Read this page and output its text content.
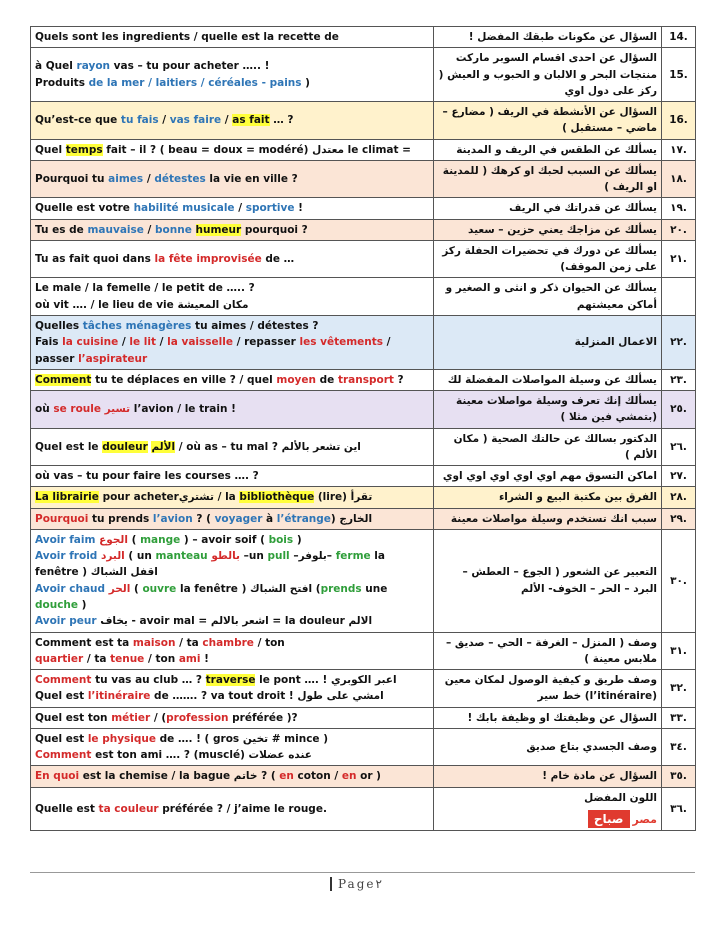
Quels sont les ingredients / quelle est la recette de	السؤال عن مكونات طبقك المفضل !	14.
à Quel rayon vas – tu pour acheter ….. !
Produits de la mer / laitiers / céréales - pains )	السؤال عن احدى اقسام السوبر ماركت منتجات البحر و الالبان و الحبوب و العيش ( ركز على دول اوي	15.
Qu’est-ce que tu fais / vas faire / as fait … ?	السؤال عن الأنشطة في الريف ( مضارع – ماضي – مستقبل )	16.
Quel temps fait – il ? ( beau = doux = modéré) معتدل le climat =	يسألك عن الطقس في الريف و المدينة	١٧.
Pourquoi tu aimes / détestes la vie en ville ?	يسألك عن السبب لحبك او كرهك ( للمدينة او الريف )	١٨.
Quelle est votre habilité musicale / sportive !	يسألك عن قدراتك في الريف	١٩.
Tu es de mauvaise / bonne humeur pourquoi ?	يسألك عن مزاجك يعني حزين – سعيد	٢٠.
Tu as fait quoi dans la fête improvisée de …	يسألك عن دورك في تحضيرات الحفلة ركز على زمن الموقف)	٢١.
Le male / la femelle / le petit de ….. ?
où vit …. / le lieu de vie مكان المعيشة	يسألك عن الحيوان ذكر و انثى و الصغير و أماكن معيشتهم	
Quelles tâches ménagères tu aimes / détestes ?
Fais la cuisine / le lit / la vaisselle / repasser les vêtements / passer l’aspirateur	الاعمال المنزلية	٢٢.
Comment tu te déplaces en ville ? / quel moyen de transport ?	يسألك عن وسيلة المواصلات المفضلة لك	٢٣.
où se roule تسير l’avion / le train !	يسألك إنك تعرف وسيلة مواصلات معينة (بتمشي فين مثلا )	٢٥.
Quel est le douleur الألم / où as – tu mal ? اين تشعر بالألم	الدكتور بسالك عن حالتك الصحية ( مكان الألم )	٢٦.
où vas – tu pour faire les courses …. ?	اماكن التسوق مهم اوي اوي اوي اوي اوي	٢٧.
La librairie pour acheterتشتري / la bibliothèque (lire) تقرأ	الفرق بين مكتبة البيع و الشراء	٢٨.
Pourquoi tu prends l’avion ? ( voyager à l’étrange) الخارج	سبب انك تستخدم وسيلة مواصلات معينة	٢٩.
Avoir faim الجوع ( mange ) – avoir soif ( bois )
Avoir froid البرد ( un manteau بالطو –un pull –بلوفر– ferme la fenêtre ) اقفل الشباك
Avoir chaud الحر ( ouvre la fenêtre ) افتح الشباك (prends une douche )
Avoir peur يخاف - avoir mal = اشعر بالالم = la douleur الالم	التعبير عن الشعور ( الجوع – العطش – البرد – الحر – الخوف- الألم	٣٠.
Comment est ta maison / ta chambre / ton
quartier / ta tenue / ton ami !	وصف ( المنزل – الغرفة – الحي – صديق – ملابس معينة )	٣١.
Comment tu vas au club … ? traverse le pont …. ! اعبر الكوبري
Quel est l’itinéraire de ……. ? va tout droit ! امشي على طول	وصف طريق و كيفية الوصول لمكان معين (l’itinéraire) خط سير	٣٢.
Quel est ton métier / (profession préférée )?	السؤال عن وظيفتك او وظيفة بابك !	٣٣.
Quel est le physique de …. ! ( gros تخين # mince )
Comment est ton ami …. ? (musclé) عنده عضلات	وصف الجسدي بتاع صديق	٣٤.
En quoi est la chemise / la bague خاتم ? ( en coton / en or )	السؤال عن مادة خام !	٣٥.
Quelle est ta couleur préférée ? / j’aime le rouge.	اللون المفضل
مصرصباح	٣٦.
Page۲
